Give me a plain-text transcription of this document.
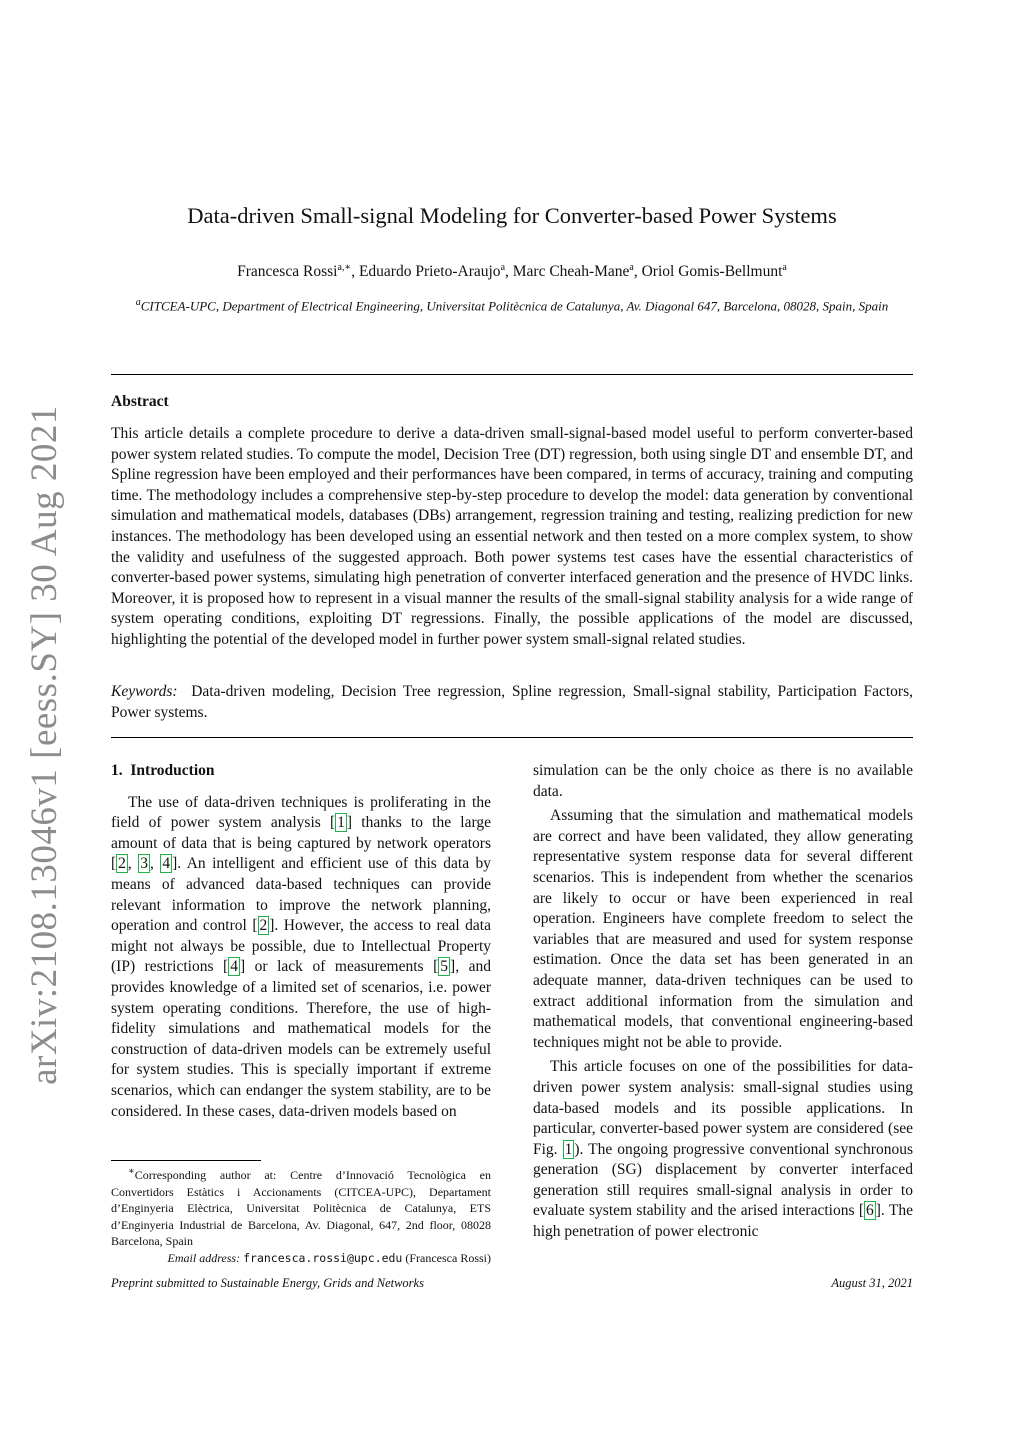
arXiv:2108.13046v1 [eess.SY] 30 Aug 2021
Data-driven Small-signal Modeling for Converter-based Power Systems
Francesca Rossi$^{a,∗}$, Eduardo Prieto-Araujo$^a$, Marc Cheah-Mane$^a$, Oriol Gomis-Bellmunt$^a$
$^a$CITCEA-UPC, Department of Electrical Engineering, Universitat Politècnica de Catalunya, Av. Diagonal 647, Barcelona, 08028, Spain, Spain
Abstract
This article details a complete procedure to derive a data-driven small-signal-based model useful to perform converter-based power system related studies. To compute the model, Decision Tree (DT) regression, both using single DT and ensemble DT, and Spline regression have been employed and their performances have been compared, in terms of accuracy, training and computing time. The methodology includes a comprehensive step-by-step procedure to develop the model: data generation by conventional simulation and mathematical models, databases (DBs) arrangement, regression training and testing, realizing prediction for new instances. The methodology has been developed using an essential network and then tested on a more complex system, to show the validity and usefulness of the suggested approach. Both power systems test cases have the essential characteristics of converter-based power systems, simulating high penetration of converter interfaced generation and the presence of HVDC links. Moreover, it is proposed how to represent in a visual manner the results of the small-signal stability analysis for a wide range of system operating conditions, exploiting DT regressions. Finally, the possible applications of the model are discussed, highlighting the potential of the developed model in further power system small-signal related studies.
Keywords: Data-driven modeling, Decision Tree regression, Spline regression, Small-signal stability, Participation Factors, Power systems.
1. Introduction

The use of data-driven techniques is proliferating in the field of power system analysis [ 1 ] thanks to the large amount of data that is being captured by network operators [ 2 , 3 , 4 ]. An intelligent and efficient use of this data by means of advanced data-based techniques can provide relevant information to improve the network planning, operation and control [ 2 ]. However, the access to real data might not always be possible, due to Intellectual Property (IP) restrictions [ 4 ] or lack of measurements [ 5 ], and provides knowledge of a limited set of scenarios, i.e. power system operating conditions. Therefore, the use of high-fidelity simulations and mathematical models for the construction of data-driven models can be extremely useful for system studies. This is specially important if extreme scenarios, which can endanger the system stability, are to be considered. In these cases, data-driven models based on

∗Corresponding author at: Centre d’Innovació Tecnològica en Convertidors Estàtics i Accionaments (CITCEA-UPC), Departament d’Enginyeria Elèctrica, Universitat Politècnica de Catalunya, ETS d’Enginyeria Industrial de Barcelona, Av. Diagonal, 647, 2nd floor, 08028 Barcelona, Spain
Email address: francesca.rossi@upc.edu (Francesca Rossi)

simulation can be the only choice as there is no available data.

Assuming that the simulation and mathematical models are correct and have been validated, they allow generating representative system response data for several different scenarios. This is independent from whether the scenarios are likely to occur or have been experienced in real operation. Engineers have complete freedom to select the variables that are measured and used for system response estimation. Once the data set has been generated in an adequate manner, data-driven techniques can be used to extract additional information from the simulation and mathematical models, that conventional engineering-based techniques might not be able to provide.

This article focuses on one of the possibilities for data-driven power system analysis: small-signal studies using data-based models and its possible applications. In particular, converter-based power system are considered (see Fig. 1 ). The ongoing progressive conventional synchronous generation (SG) displacement by converter interfaced generation still requires small-signal analysis in order to evaluate system stability and the arised interactions [ 6 ]. The high penetration of power electronic

Preprint submitted to Sustainable Energy, Grids and Networks	August 31, 2021
